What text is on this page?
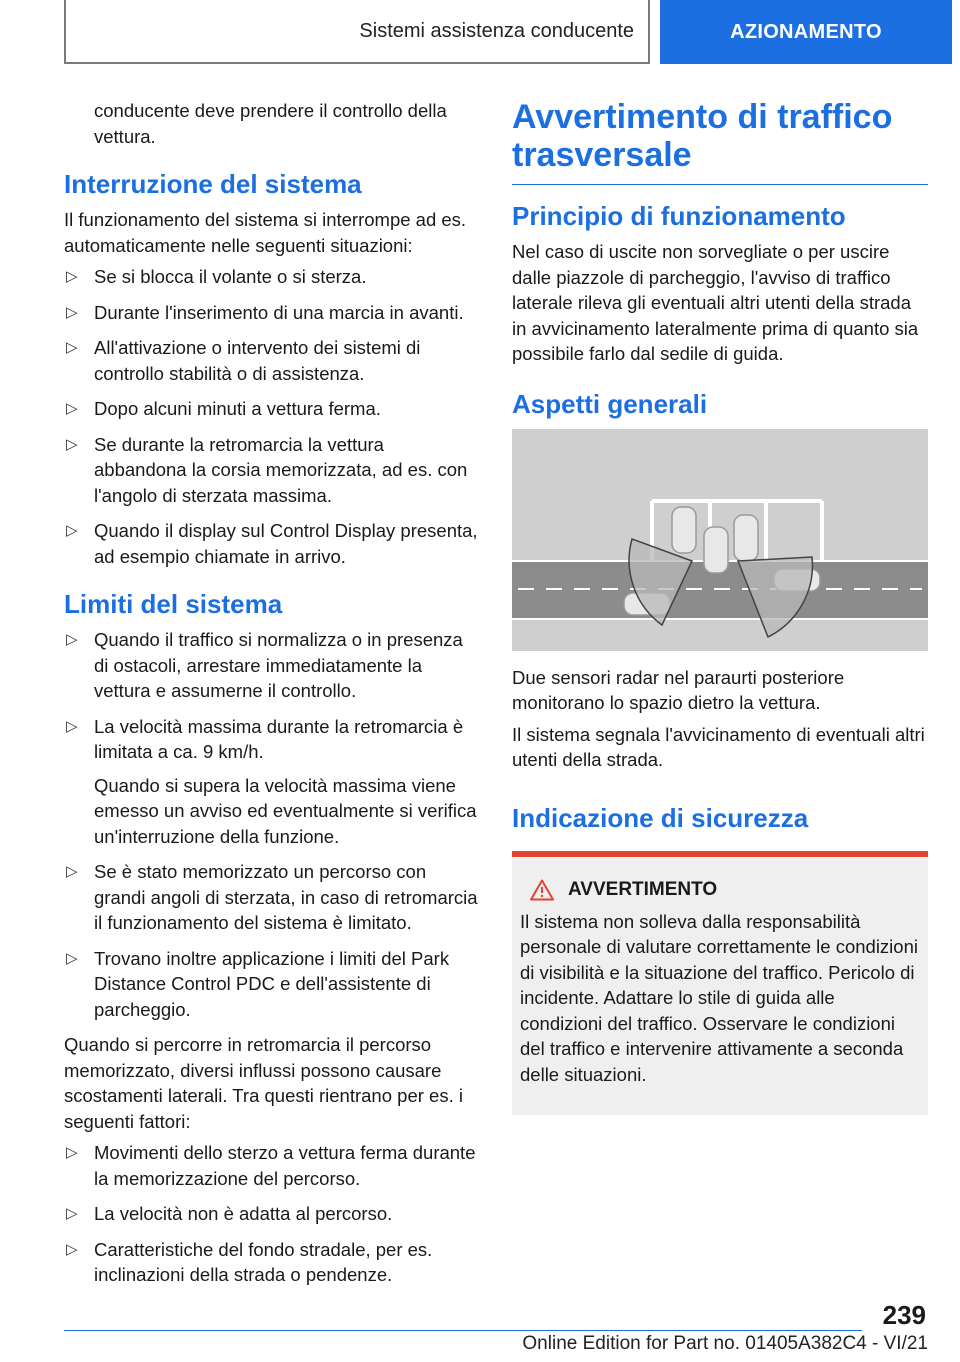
Sistemi assistenza conducente	AZIONAMENTO

conducente deve prendere il controllo della vettura.

Interruzione del sistema

Il funzionamento del sistema si interrompe ad es. automaticamente nelle seguenti situazioni:

▷ Se si blocca il volante o si sterza.
▷ Durante l'inserimento di una marcia in avanti.
▷ All'attivazione o intervento dei sistemi di controllo stabilità o di assistenza.
▷ Dopo alcuni minuti a vettura ferma.
▷ Se durante la retromarcia la vettura abbandona la corsia memorizzata, ad es. con l'angolo di sterzata massima.
▷ Quando il display sul Control Display presenta, ad esempio chiamate in arrivo.
Limiti del sistema
▷ Quando il traffico si normalizza o in presenza di ostacoli, arrestare immediatamente la vettura e assumerne il controllo.
▷ La velocità massima durante la retromarcia è limitata a ca. 9 km/h.
Quando si supera la velocità massima viene emesso un avviso ed eventualmente si verifica un'interruzione della funzione.
▷ Se è stato memorizzato un percorso con grandi angoli di sterzata, in caso di retromarcia il funzionamento del sistema è limitato.
▷ Trovano inoltre applicazione i limiti del Park Distance Control PDC e dell'assistente di parcheggio.

Quando si percorre in retromarcia il percorso memorizzato, diversi influssi possono causare scostamenti laterali. Tra questi rientrano per es. i seguenti fattori:

▷ Movimenti dello sterzo a vettura ferma durante la memorizzazione del percorso.
▷ La velocità non è adatta al percorso.
▷ Caratteristiche del fondo stradale, per es. inclinazioni della strada o pendenze.
Avvertimento di traffico trasversale
Principio di funzionamento

Nel caso di uscite non sorvegliate o per uscire dalle piazzole di parcheggio, l'avviso di traffico laterale rileva gli eventuali altri utenti della strada in avvicinamento lateralmente prima di quanto sia possibile farlo dal sedile di guida.

Aspetti generali

Due sensori radar nel paraurti posteriore monitorano lo spazio dietro la vettura.

Il sistema segnala l'avvicinamento di eventuali altri utenti della strada.

Indicazione di sicurezza
AVVERTIMENTO

Il sistema non solleva dalla responsabilità personale di valutare correttamente le condizioni di visibilità e la situazione del traffico. Pericolo di incidente. Adattare lo stile di guida alle condizioni del traffico. Osservare le condizioni del traffico e intervenire attivamente a seconda delle situazioni.

239
Online Edition for Part no. 01405A382C4 - VI/21
